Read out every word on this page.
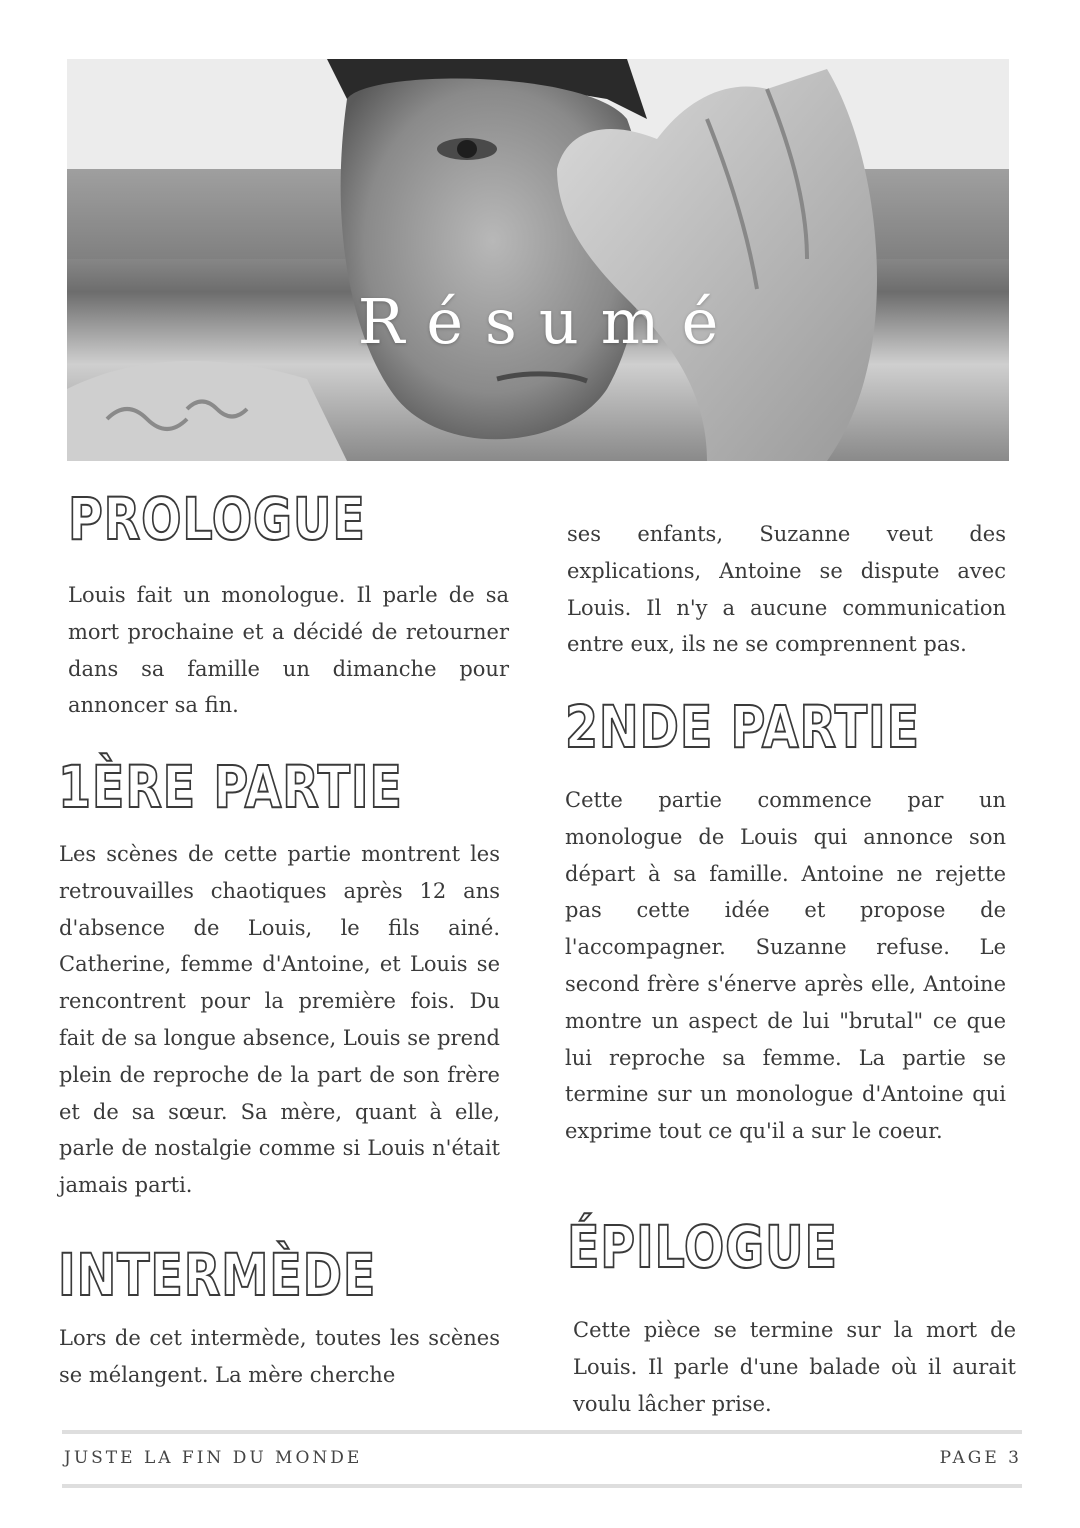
Résumé
PROLOGUE

Louis fait un monologue. Il parle de sa mort prochaine et a décidé de retourner dans sa famille un dimanche pour annoncer sa fin.

1ÈRE PARTIE

Les scènes de cette partie montrent les retrouvailles chaotiques après 12 ans d'absence de Louis, le fils ainé. Catherine, femme d'Antoine, et Louis se rencontrent pour la première fois. Du fait de sa longue absence, Louis se prend plein de reproche de la part de son frère et de sa sœur. Sa mère, quant à elle, parle de nostalgie comme si Louis n'était jamais parti.

INTERMÈDE

Lors de cet intermède, toutes les scènes se mélangent. La mère cherche

ses enfants, Suzanne veut des explications, Antoine se dispute avec Louis. Il n'y a aucune communication entre eux, ils ne se comprennent pas.

2NDE PARTIE

Cette partie commence par un monologue de Louis qui annonce son départ à sa famille. Antoine ne rejette pas cette idée et propose de l'accompagner. Suzanne refuse. Le second frère s'énerve après elle, Antoine montre un aspect de lui "brutal" ce que lui reproche sa femme. La partie se termine sur un monologue d'Antoine qui exprime tout ce qu'il a sur le coeur.

ÉPILOGUE

Cette pièce se termine sur la mort de Louis. Il parle d'une balade où il aurait voulu lâcher prise.

JUSTE LA FIN DU MONDE	PAGE 3
